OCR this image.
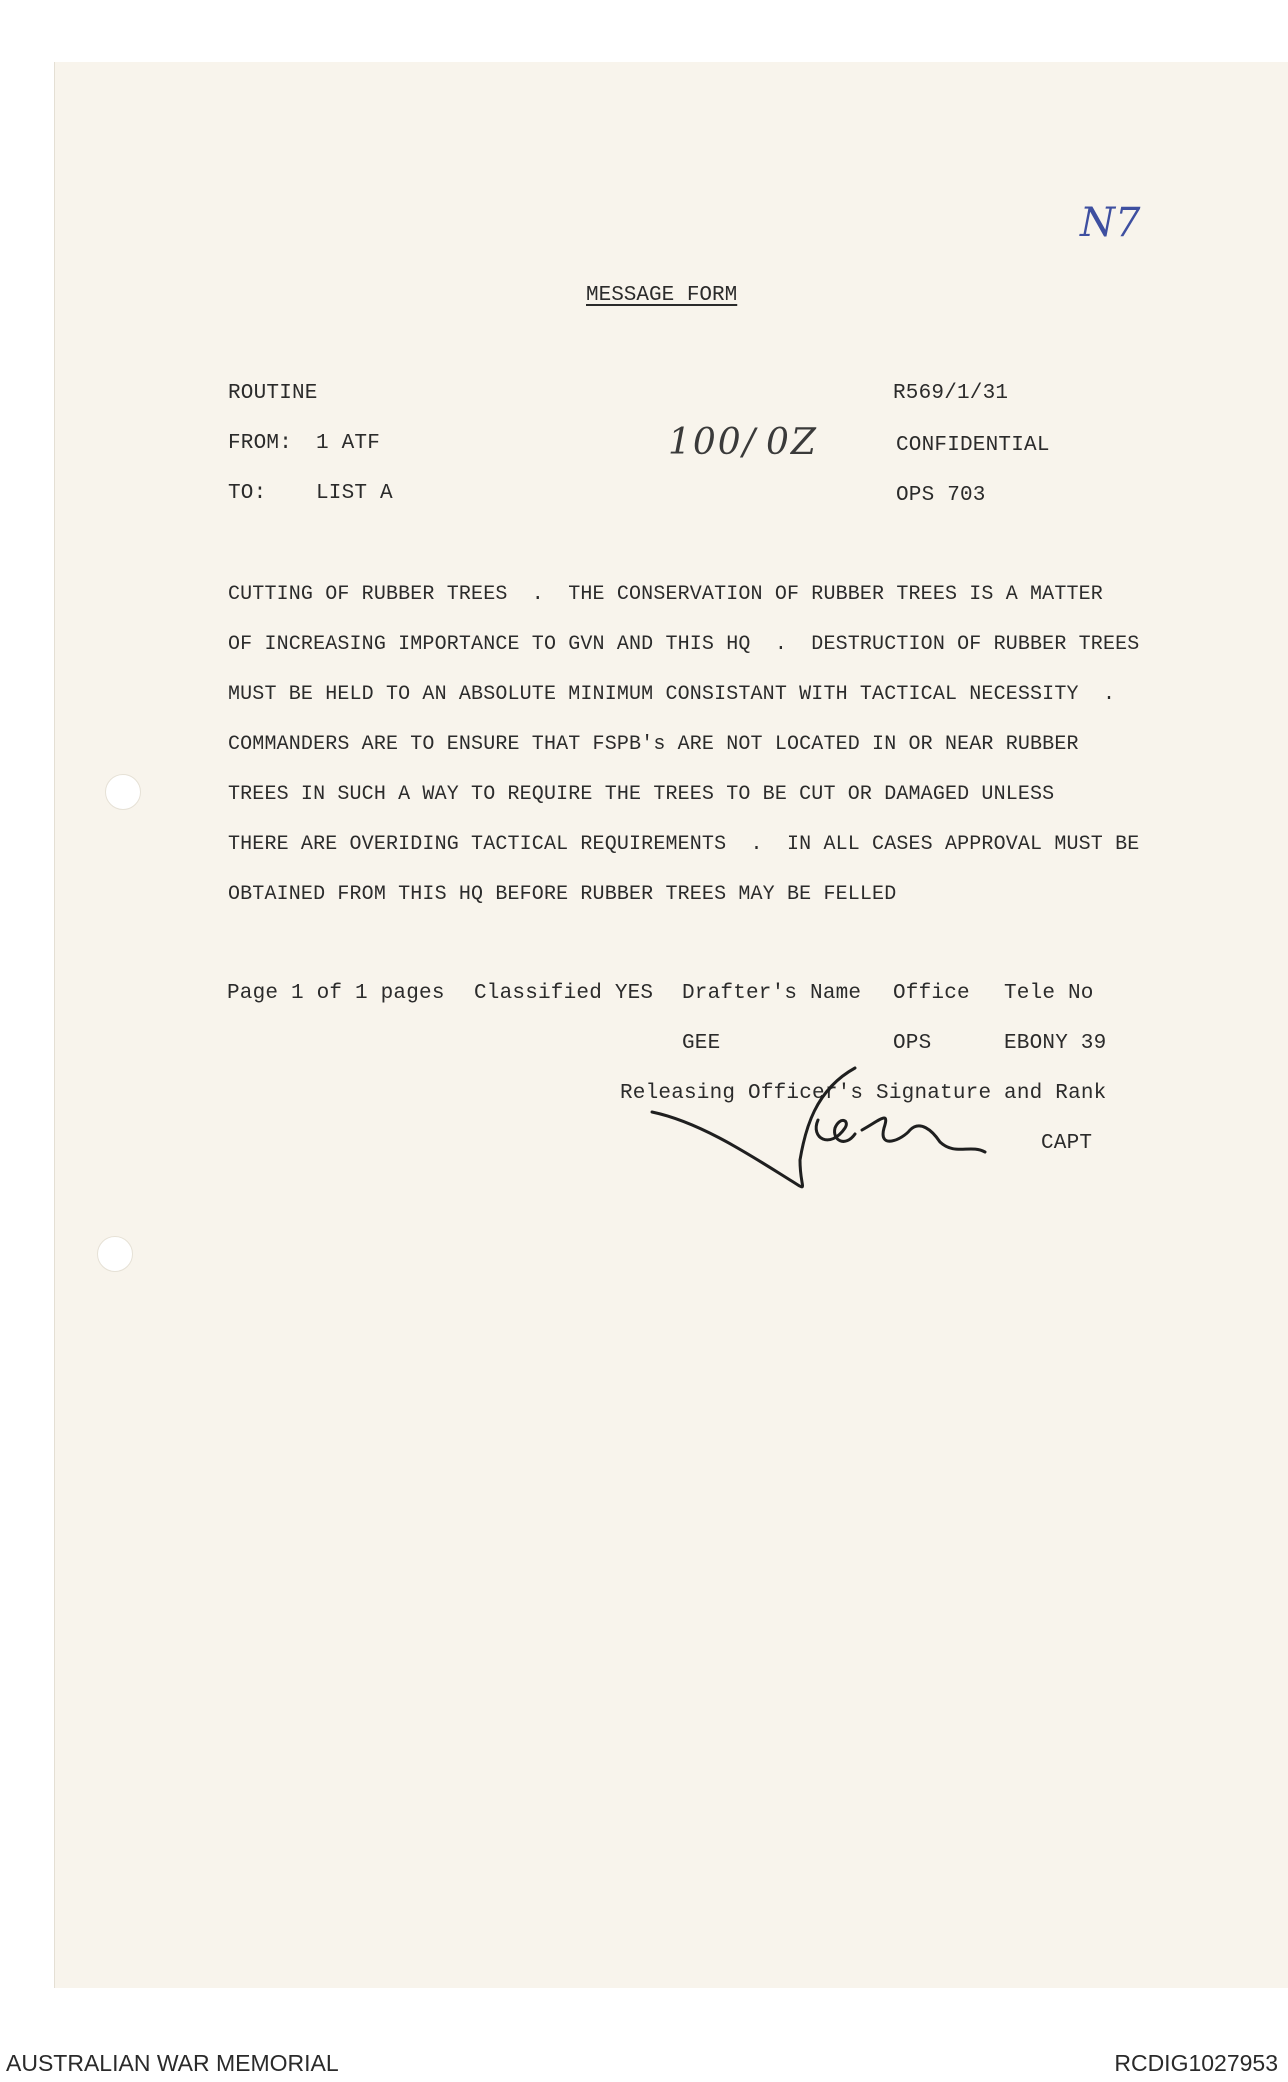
N7
MESSAGE FORM
ROUTINE
FROM: 1 ATF
TO: LIST A
R569/1/31
100/ 0Z	CONFIDENTIAL
OPS 703
CUTTING OF RUBBER TREES  .  THE CONSERVATION OF RUBBER TREES IS A MATTER
OF INCREASING IMPORTANCE TO GVN AND THIS HQ  .  DESTRUCTION OF RUBBER TREES
MUST BE HELD TO AN ABSOLUTE MINIMUM CONSISTANT WITH TACTICAL NECESSITY  .
COMMANDERS ARE TO ENSURE THAT FSPB's ARE NOT LOCATED IN OR NEAR RUBBER
TREES IN SUCH A WAY TO REQUIRE THE TREES TO BE CUT OR DAMAGED UNLESS
THERE ARE OVERIDING TACTICAL REQUIREMENTS  .  IN ALL CASES APPROVAL MUST BE
OBTAINED FROM THIS HQ BEFORE RUBBER TREES MAY BE FELLED
Page 1 of 1 pages Classified YES Drafter's Name Office Tele No
GEE	OPS	EBONY 39
Releasing Officer's Signature and Rank
CAPT
AUSTRALIAN WAR MEMORIAL	RCDIG1027953
